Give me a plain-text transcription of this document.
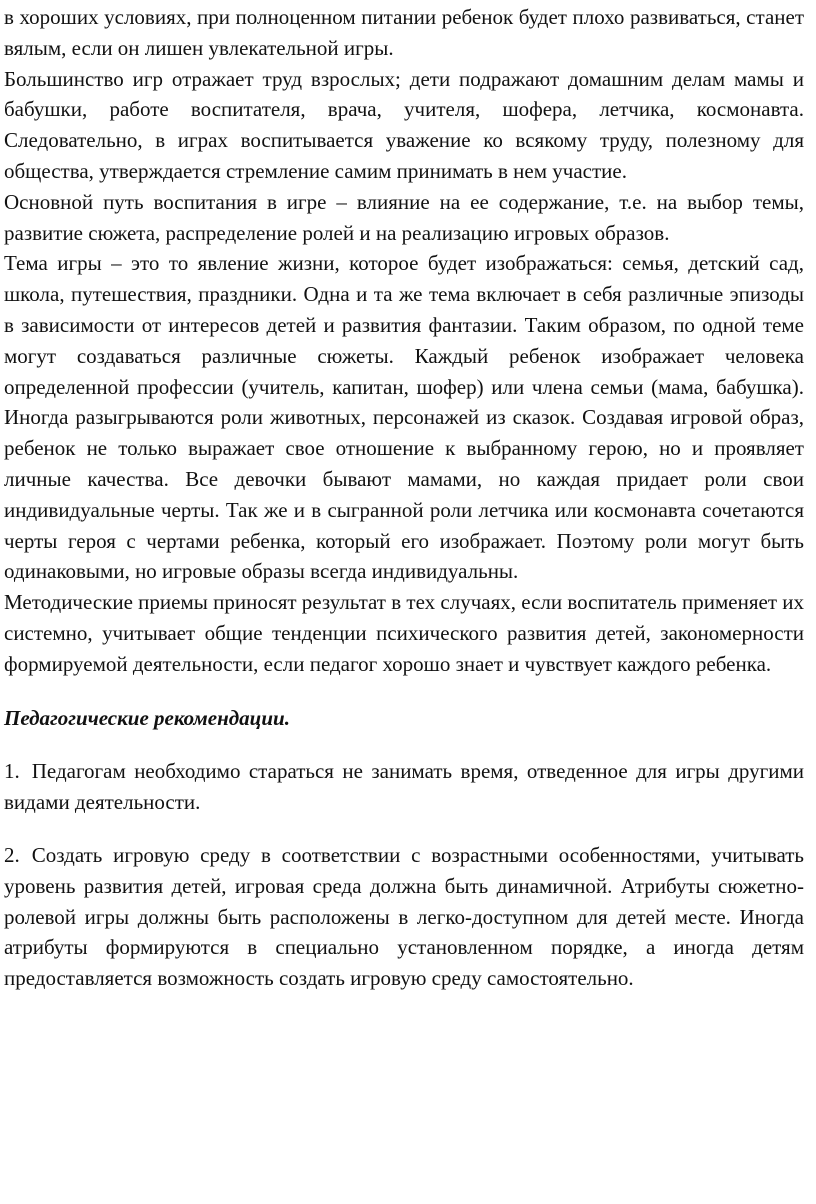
в хороших условиях, при полноценном питании ребенок будет плохо развиваться, станет вялым, если он лишен увлекательной игры.

Большинство игр отражает труд взрослых; дети подражают домашним делам мамы и бабушки, работе воспитателя, врача, учителя, шофера, летчика, космонавта. Следовательно, в играх воспитывается уважение ко всякому труду, полезному для общества, утверждается стремление самим принимать в нем участие.

Основной путь воспитания в игре – влияние на ее содержание, т.е. на выбор темы, развитие сюжета, распределение ролей и на реализацию игровых образов.

Тема игры – это то явление жизни, которое будет изображаться: семья, детский сад, школа, путешествия, праздники. Одна и та же тема включает в себя различные эпизоды в зависимости от интересов детей и развития фантазии. Таким образом, по одной теме могут создаваться различные сюжеты. Каждый ребенок изображает человека определенной профессии (учитель, капитан, шофер) или члена семьи (мама, бабушка). Иногда разыгрываются роли животных, персонажей из сказок. Создавая игровой образ, ребенок не только выражает свое отношение к выбранному герою, но и проявляет личные качества. Все девочки бывают мамами, но каждая придает роли свои индивидуальные черты. Так же и в сыгранной роли летчика или космонавта сочетаются черты героя с чертами ребенка, который его изображает. Поэтому роли могут быть одинаковыми, но игровые образы всегда индивидуальны.

Методические приемы приносят результат в тех случаях, если воспитатель применяет их системно, учитывает общие тенденции психического развития детей, закономерности формируемой деятельности, если педагог хорошо знает и чувствует каждого ребенка.

Педагогические рекомендации.

1. Педагогам необходимо стараться не занимать время, отведенное для игры другими видами деятельности.

2. Создать игровую среду в соответствии с возрастными особенностями, учитывать уровень развития детей, игровая среда должна быть динамичной. Атрибуты сюжетно-ролевой игры должны быть расположены в легко-доступном для детей месте. Иногда атрибуты формируются в специально установленном порядке, а иногда детям предоставляется возможность создать игровую среду самостоятельно.
